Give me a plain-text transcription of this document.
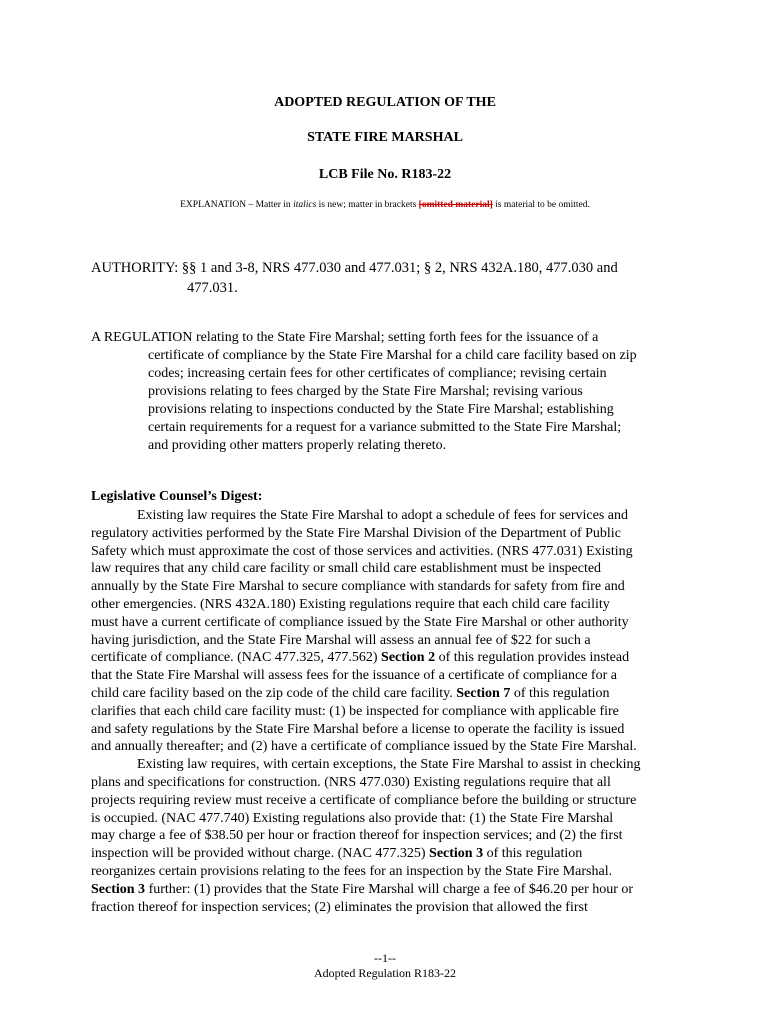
ADOPTED REGULATION OF THE
STATE FIRE MARSHAL
LCB File No. R183-22
EXPLANATION – Matter in italics is new; matter in brackets [omitted material] is material to be omitted.
AUTHORITY: §§ 1 and 3-8, NRS 477.030 and 477.031; § 2, NRS 432A.180, 477.030 and
477.031.
A REGULATION relating to the State Fire Marshal; setting forth fees for the issuance of a
certificate of compliance by the State Fire Marshal for a child care facility based on zip
codes; increasing certain fees for other certificates of compliance; revising certain
provisions relating to fees charged by the State Fire Marshal; revising various
provisions relating to inspections conducted by the State Fire Marshal; establishing
certain requirements for a request for a variance submitted to the State Fire Marshal;
and providing other matters properly relating thereto.
Legislative Counsel’s Digest:
Existing law requires the State Fire Marshal to adopt a schedule of fees for services and
regulatory activities performed by the State Fire Marshal Division of the Department of Public
Safety which must approximate the cost of those services and activities. (NRS 477.031) Existing
law requires that any child care facility or small child care establishment must be inspected
annually by the State Fire Marshal to secure compliance with standards for safety from fire and
other emergencies. (NRS 432A.180) Existing regulations require that each child care facility
must have a current certificate of compliance issued by the State Fire Marshal or other authority
having jurisdiction, and the State Fire Marshal will assess an annual fee of $22 for such a
certificate of compliance. (NAC 477.325, 477.562) Section 2 of this regulation provides instead
that the State Fire Marshal will assess fees for the issuance of a certificate of compliance for a
child care facility based on the zip code of the child care facility. Section 7 of this regulation
clarifies that each child care facility must: (1) be inspected for compliance with applicable fire
and safety regulations by the State Fire Marshal before a license to operate the facility is issued
and annually thereafter; and (2) have a certificate of compliance issued by the State Fire Marshal.
Existing law requires, with certain exceptions, the State Fire Marshal to assist in checking
plans and specifications for construction. (NRS 477.030) Existing regulations require that all
projects requiring review must receive a certificate of compliance before the building or structure
is occupied. (NAC 477.740) Existing regulations also provide that: (1) the State Fire Marshal
may charge a fee of $38.50 per hour or fraction thereof for inspection services; and (2) the first
inspection will be provided without charge. (NAC 477.325) Section 3 of this regulation
reorganizes certain provisions relating to the fees for an inspection by the State Fire Marshal.
Section 3 further: (1) provides that the State Fire Marshal will charge a fee of $46.20 per hour or
fraction thereof for inspection services; (2) eliminates the provision that allowed the first
--1--
Adopted Regulation R183-22
